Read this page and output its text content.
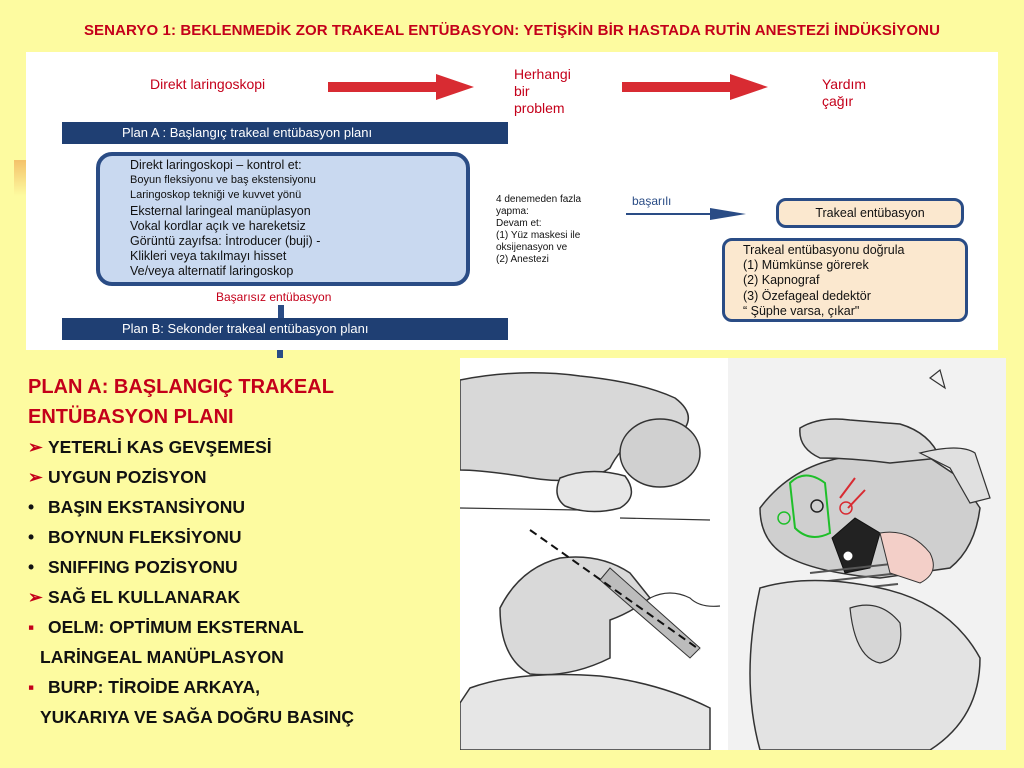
SENARYO 1: BEKLENMEDİK ZOR TRAKEAL ENTÜBASYON: YETİŞKİN BİR HASTADA RUTİN ANESTEZİ İNDÜKSİYONU
Direkt laringoskopi
Herhangi
bir
problem
Yardım
çağır
Plan A : Başlangıç trakeal entübasyon planı
Direkt laringoskopi – kontrol et:
Boyun fleksiyonu ve baş ekstensiyonu
Laringoskop tekniği ve kuvvet yönü
Eksternal laringeal manüplasyon
Vokal kordlar açık ve hareketsiz
Görüntü zayıfsa: İntroducer (buji) -
Klikleri veya takılmayı hisset
Ve/veya alternatif laringoskop
Başarısız entübasyon
Plan B: Sekonder trakeal entübasyon planı
4 denemeden fazla
yapma:
Devam et:
(1) Yüz maskesi ile
oksijenasyon ve
(2) Anestezi
başarılı
Trakeal entübasyon
Trakeal entübasyonu doğrula
(1) Mümkünse görerek
(2) Kapnograf
(3) Özefageal dedektör
“ Şüphe varsa, çıkar"
PLAN A: BAŞLANGIÇ TRAKEAL
ENTÜBASYON PLANI
➢ YETERLİ KAS GEVŞEMESİ
➢ UYGUN POZİSYON
• BAŞIN EKSTANSİYONU
• BOYNUN FLEKSİYONU
• SNIFFING POZİSYONU
➢ SAĞ EL KULLANARAK
▪ OELM: OPTİMUM EKSTERNAL
LARİNGEAL MANÜPLASYON
▪ BURP: TİROİDE ARKAYA,
YUKARIYA VE SAĞA DOĞRU BASINÇ
